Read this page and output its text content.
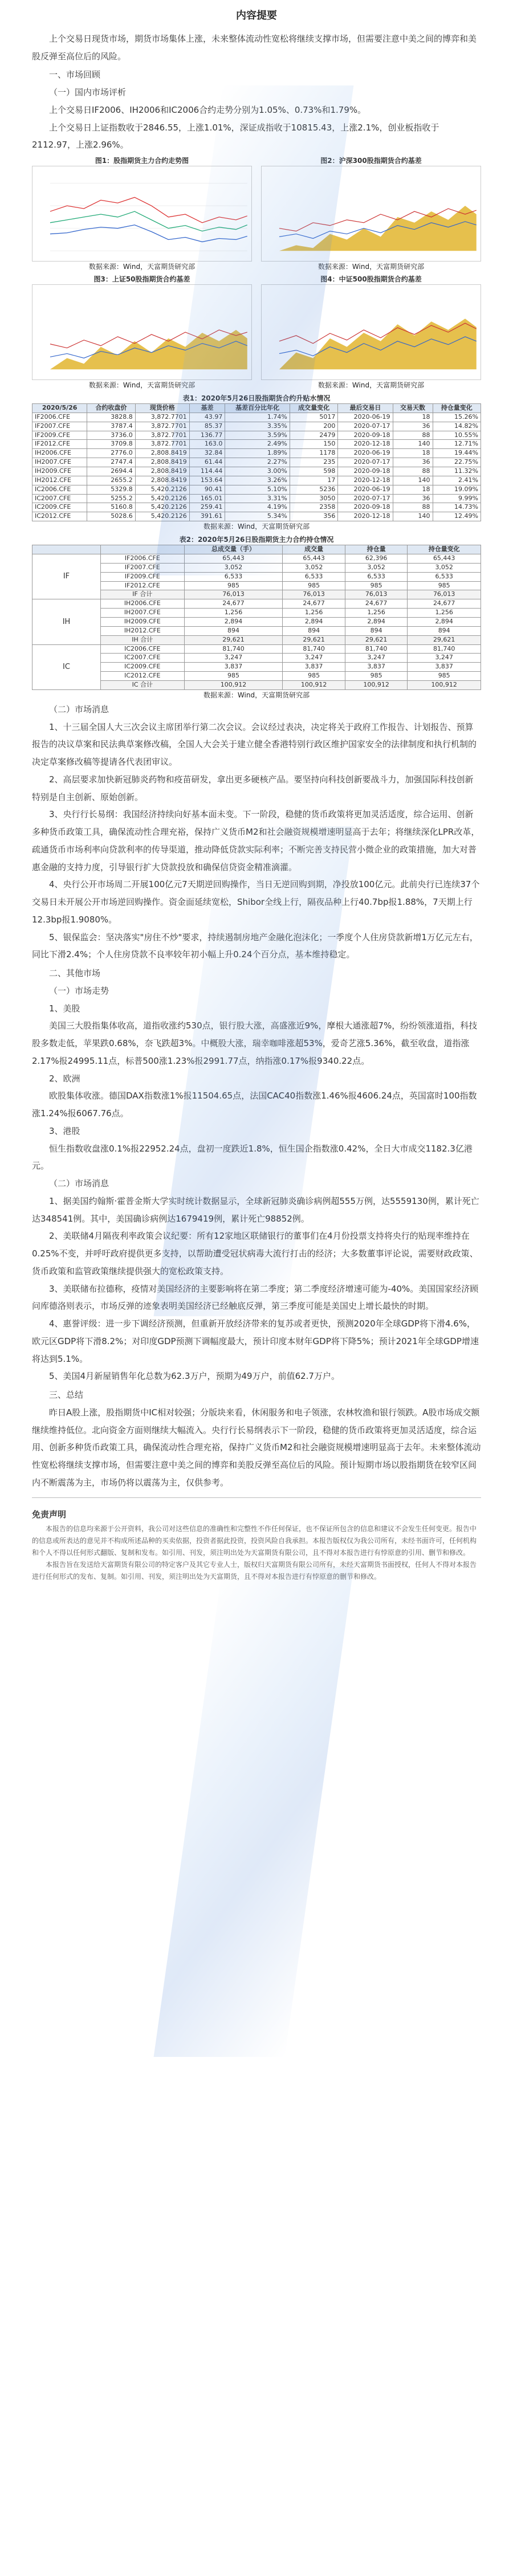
内容提要

上个交易日现货市场，期货市场集体上涨，未来整体流动性宽松将继续支撑市场，但需要注意中美之间的博弈和美股反弹至高位后的风险。

一、市场回顾

（一）国内市场评析

上个交易日IF2006、IH2006和IC2006合约走势分别为1.05%、0.73%和1.79%。

上个交易日上证指数收于2846.55，上涨1.01%，深证成指收于10815.43，上涨2.1%，创业板指收于2112.97，上涨2.96%。

图1：股指期货主力合约走势图
数据来源：Wind，天富期货研究部
图2：沪深300股指期货合约基差
数据来源：Wind，天富期货研究部
图3：上证50股指期货合约基差
数据来源：Wind，天富期货研究部
图4：中证500股指期货合约基差
数据来源：Wind，天富期货研究部
表1：2020年5月26日股指期货合约升贴水情况
2020/5/26	合约收盘价	现货价格	基差	基差百分比年化	成交量变化	最后交易日	交易天数	持仓量变化
IF2006.CFE	3828.8	3,872.7701	43.97	1.74%	5017	2020-06-19	18	15.26%
IF2007.CFE	3787.4	3,872.7701	85.37	3.35%	200	2020-07-17	36	14.82%
IF2009.CFE	3736.0	3,872.7701	136.77	3.59%	2479	2020-09-18	88	10.55%
IF2012.CFE	3709.8	3,872.7701	163.0	2.49%	150	2020-12-18	140	12.71%
IH2006.CFE	2776.0	2,808.8419	32.84	1.89%	1178	2020-06-19	18	19.44%
IH2007.CFE	2747.4	2,808.8419	61.44	2.27%	235	2020-07-17	36	22.75%
IH2009.CFE	2694.4	2,808.8419	114.44	3.00%	598	2020-09-18	88	11.32%
IH2012.CFE	2655.2	2,808.8419	153.64	3.26%	17	2020-12-18	140	2.41%
IC2006.CFE	5329.8	5,420.2126	90.41	5.10%	5236	2020-06-19	18	19.09%
IC2007.CFE	5255.2	5,420.2126	165.01	3.31%	3050	2020-07-17	36	9.99%
IC2009.CFE	5160.8	5,420.2126	259.41	4.19%	2358	2020-09-18	88	14.73%
IC2012.CFE	5028.6	5,420.2126	391.61	5.34%	356	2020-12-18	140	12.49%
数据来源：Wind，天富期货研究部
表2：2020年5月26日股指期货主力合约持仓情况
		总成交量（手）	成交量	持仓量	持仓量变化
IF	IF2006.CFE	65,443	65,443	62,396	65,443
	IF2007.CFE	3,052	3,052	3,052	3,052
	IF2009.CFE	6,533	6,533	6,533	6,533
	IF2012.CFE	985	985	985	985
	IF 合计	76,013	76,013	76,013	76,013
IH	IH2006.CFE	24,677	24,677	24,677	24,677
	IH2007.CFE	1,256	1,256	1,256	1,256
	IH2009.CFE	2,894	2,894	2,894	2,894
	IH2012.CFE	894	894	894	894
	IH 合计	29,621	29,621	29,621	29,621
IC	IC2006.CFE	81,740	81,740	81,740	81,740
	IC2007.CFE	3,247	3,247	3,247	3,247
	IC2009.CFE	3,837	3,837	3,837	3,837
	IC2012.CFE	985	985	985	985
	IC 合计	100,912	100,912	100,912	100,912
数据来源：Wind，天富期货研究部

（二）市场消息

1、十三届全国人大三次会议主席团举行第二次会议。会议经过表决，决定将关于政府工作报告、计划报告、预算报告的决议草案和民法典草案修改稿，全国人大会关于建立健全香港特别行政区维护国家安全的法律制度和执行机制的决定草案修改稿等提请各代表团审议。

2、高层要求加快新冠肺炎药物和疫苗研发，拿出更多硬核产品。要坚持向科技创新要战斗力，加强国际科技创新特别是自主创新、原始创新。

3、央行行长易纲：我国经济持续向好基本面未变。下一阶段，稳健的货币政策将更加灵活适度，综合运用、创新多种货币政策工具，确保流动性合理充裕，保持广义货币M2和社会融资规模增速明显高于去年；将继续深化LPR改革，疏通货币市场利率向贷款利率的传导渠道，推动降低贷款实际利率；不断完善支持民营小微企业的政策措施，加大对普惠金融的支持力度，引导银行扩大贷款投放和确保信贷资金精准滴灌。

4、央行公开市场周二开展100亿元7天期逆回购操作，当日无逆回购到期，净投放100亿元。此前央行已连续37个交易日未开展公开市场逆回购操作。资金面延续宽松，Shibor全线上行，隔夜品种上行40.7bp报1.88%，7天期上行12.3bp报1.9080%。

5、银保监会：坚决落实"房住不炒"要求，持续遏制房地产金融化泡沫化；一季度个人住房贷款新增1万亿元左右，同比下滑2.4%；个人住房贷款不良率较年初小幅上升0.24个百分点，基本维持稳定。

二、其他市场

（一）市场走势

1、美股

美国三大股指集体收高，道指收涨约530点，银行股大涨，高盛涨近9%，摩根大通涨超7%，纷纷领涨道指，科技股多数走低，苹果跌0.68%，奈飞跌超3%。中概股大涨，瑞幸咖啡涨超53%，爱奇艺涨5.36%，截至收盘，道指涨2.17%报24995.11点，标普500涨1.23%报2991.77点，纳指涨0.17%报9340.22点。

2、欧洲

欧股集体收涨。德国DAX指数涨1%报11504.65点，法国CAC40指数涨1.46%报4606.24点，英国富时100指数涨1.24%报6067.76点。

3、港股

恒生指数收盘涨0.1%报22952.24点，盘初一度跌近1.8%，恒生国企指数涨0.42%，全日大市成交1182.3亿港元。

（二）市场消息

1、据美国约翰斯·霍普金斯大学实时统计数据显示，全球新冠肺炎确诊病例超555万例，达5559130例，累计死亡达348541例。其中，美国确诊病例达1679419例，累计死亡98852例。

2、美联储4月隔夜利率政策会议纪要：所有12家地区联储银行的董事们在4月份投票支持将央行的贴现率维持在0.25%不变，并呼吁政府提供更多支持，以帮助遭受冠状病毒大流行打击的经济；大多数董事评论说，需要财政政策、货币政策和监管政策继续提供强大的宽松政策支持。

3、美联储布拉德称，疫情对美国经济的主要影响将在第二季度；第二季度经济增速可能为-40%。美国国家经济顾问库德洛则表示，市场反弹的迹象表明美国经济已经触底反弹，第三季度可能是美国史上增长最快的时期。

4、惠誉评级：进一步下调经济预测，但重新开放经济带来的复苏或者更快，预测2020年全球GDP将下滑4.6%，欧元区GDP将下滑8.2%；对印度GDP预测下调幅度最大，预计印度本财年GDP将下降5%；预计2021年全球GDP增速将达到5.1%。

5、美国4月新屋销售年化总数为62.3万户，预期为49万户，前值62.7万户。

三、总结

昨日A股上涨，股指期货中IC相对较强；分版块来看，休闲服务和电子领涨，农林牧渔和银行领跌。A股市场成交额继续维持低位。北向资金方面则继续大幅流入。央行行长易纲表示下一阶段，稳健的货币政策将更加灵活适度，综合运用、创新多种货币政策工具，确保流动性合理充裕，保持广义货币M2和社会融资规模增速明显高于去年。未来整体流动性宽松将继续支撑市场，但需要注意中美之间的博弈和美股反弹至高位后的风险。预计短期市场以股指期货在较窄区间内不断震荡为主，市场仍将以震荡为主，仅供参考。

免责声明

本报告的信息均来源于公开资料，我公司对这些信息的准确性和完整性不作任何保证，也不保证所包含的信息和建议不会发生任何变更。报告中的信息或所表达的意见并不构成所述品种的买卖依据，投资者据此投资，投资风险自我承担。本报告版权仅为我公司所有，未经书面许可，任何机构和个人不得以任何形式翻版、复制和发布。如引用、刊发，须注明出处为天富期货有限公司，且不得对本报告进行有悖原意的引用、删节和修改。

本报告旨在发送给天富期货有限公司的特定客户及其它专业人士，版权归天富期货有限公司所有，未经天富期货书面授权，任何人不得对本报告进行任何形式的发布、复制。如引用、刊发，须注明出处为天富期货，且不得对本报告进行有悖原意的删节和修改。
